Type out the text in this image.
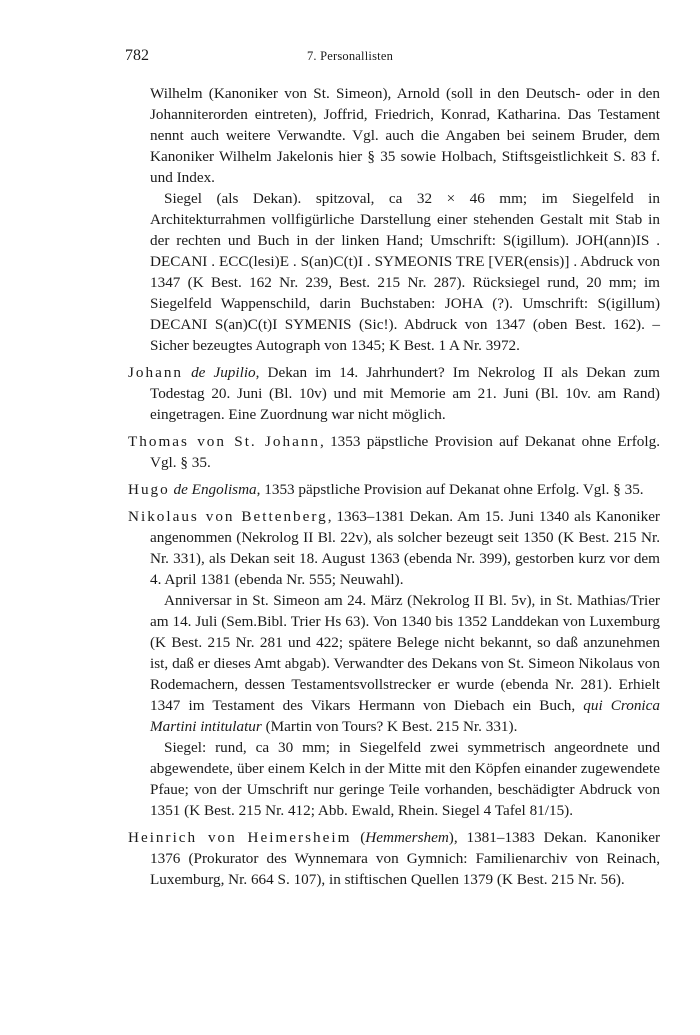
782	7. Personallisten

Wilhelm (Kanoniker von St. Simeon), Arnold (soll in den Deutsch- oder in den Johanniterorden eintreten), Joffrid, Friedrich, Konrad, Katharina. Das Testament nennt auch weitere Verwandte. Vgl. auch die Angaben bei seinem Bruder, dem Kanoniker Wilhelm Jakelonis hier § 35 sowie Holbach, Stiftsgeistlichkeit S. 83 f. und Index.

Siegel (als Dekan). spitzoval, ca 32 × 46 mm; im Siegelfeld in Architekturrahmen vollfigürliche Darstellung einer stehenden Gestalt mit Stab in der rechten und Buch in der linken Hand; Umschrift: S(igillum). JOH(ann)IS . DECANI . ECC(lesi)E . S(an)C(t)I . SYMEONIS TRE [VER(ensis)] . Abdruck von 1347 (K Best. 162 Nr. 239, Best. 215 Nr. 287). Rücksiegel rund, 20 mm; im Siegelfeld Wappenschild, darin Buchstaben: JOHA (?). Umschrift: S(igillum) DECANI S(an)C(t)I SYMENIS (Sic!). Abdruck von 1347 (oben Best. 162). – Sicher bezeugtes Autograph von 1345; K Best. 1 A Nr. 3972.

Johann de Jupilio, Dekan im 14. Jahrhundert? Im Nekrolog II als Dekan zum Todestag 20. Juni (Bl. 10v) und mit Memorie am 21. Juni (Bl. 10v. am Rand) eingetragen. Eine Zuordnung war nicht möglich.

Thomas von St. Johann, 1353 päpstliche Provision auf Dekanat ohne Erfolg. Vgl. § 35.

Hugo de Engolisma, 1353 päpstliche Provision auf Dekanat ohne Erfolg. Vgl. § 35.

Nikolaus von Bettenberg, 1363–1381 Dekan. Am 15. Juni 1340 als Kanoniker angenommen (Nekrolog II Bl. 22v), als solcher bezeugt seit 1350 (K Best. 215 Nr. Nr. 331), als Dekan seit 18. August 1363 (ebenda Nr. 399), gestorben kurz vor dem 4. April 1381 (ebenda Nr. 555; Neuwahl).

Anniversar in St. Simeon am 24. März (Nekrolog II Bl. 5v), in St. Mathias/Trier am 14. Juli (Sem.Bibl. Trier Hs 63). Von 1340 bis 1352 Landdekan von Luxemburg (K Best. 215 Nr. 281 und 422; spätere Belege nicht bekannt, so daß anzunehmen ist, daß er dieses Amt abgab). Verwandter des Dekans von St. Simeon Nikolaus von Rodemachern, dessen Testamentsvollstrecker er wurde (ebenda Nr. 281). Erhielt 1347 im Testament des Vikars Hermann von Diebach ein Buch, qui Cronica Martini intitulatur (Martin von Tours? K Best. 215 Nr. 331).

Siegel: rund, ca 30 mm; in Siegelfeld zwei symmetrisch angeordnete und abgewendete, über einem Kelch in der Mitte mit den Köpfen einander zugewendete Pfaue; von der Umschrift nur geringe Teile vorhanden, beschädigter Abdruck von 1351 (K Best. 215 Nr. 412; Abb. Ewald, Rhein. Siegel 4 Tafel 81/15).

Heinrich von Heimersheim (Hemmershem), 1381–1383 Dekan. Kanoniker 1376 (Prokurator des Wynnemara von Gymnich: Familienarchiv von Reinach, Luxemburg, Nr. 664 S. 107), in stiftischen Quellen 1379 (K Best. 215 Nr. 56).
